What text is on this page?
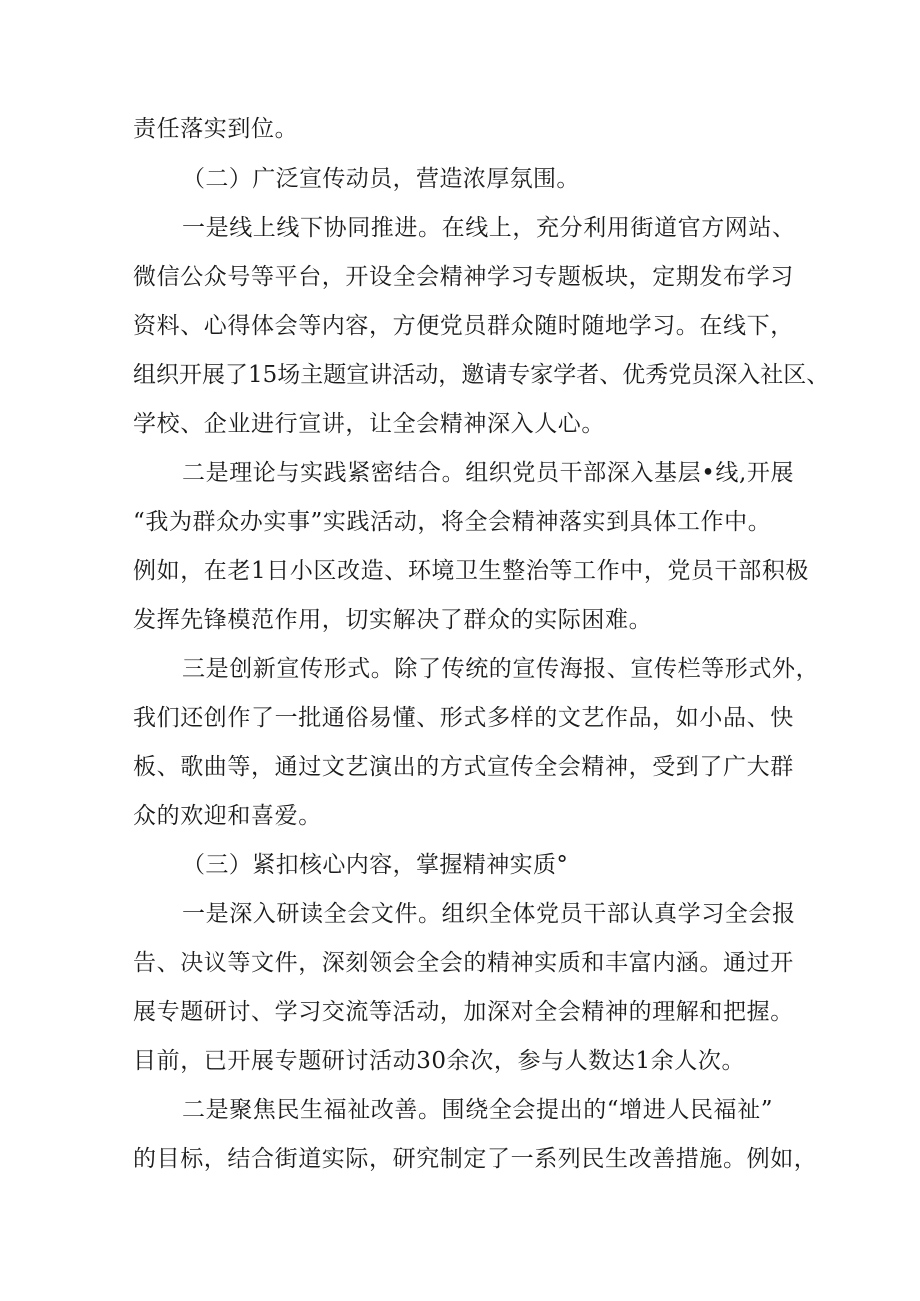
责任落实到位。
（二）广泛宣传动员，营造浓厚氛围。
一是线上线下协同推进。在线上，充分利用街道官方网站、
微信公众号等平台，开设全会精神学习专题板块，定期发布学习
资料、心得体会等内容，方便党员群众随时随地学习。在线下，
组织开展了15场主题宣讲活动，邀请专家学者、优秀党员深入社区、
学校、企业进行宣讲，让全会精神深入人心。
二是理论与实践紧密结合。组织党员干部深入基层•线,开展
“我为群众办实事”实践活动，将全会精神落实到具体工作中。
例如，在老1日小区改造、环境卫生整治等工作中，党员干部积极
发挥先锋模范作用，切实解决了群众的实际困难。
三是创新宣传形式。除了传统的宣传海报、宣传栏等形式外，
我们还创作了一批通俗易懂、形式多样的文艺作品，如小品、快
板、歌曲等，通过文艺演出的方式宣传全会精神，受到了广大群
众的欢迎和喜爱。
（三）紧扣核心内容，掌握精神实质°
一是深入研读全会文件。组织全体党员干部认真学习全会报
告、决议等文件，深刻领会全会的精神实质和丰富内涵。通过开
展专题研讨、学习交流等活动，加深对全会精神的理解和把握。
目前，已开展专题研讨活动30余次，参与人数达1余人次。
二是聚焦民生福祉改善。围绕全会提出的“增进人民福祉”
的目标，结合街道实际，研究制定了一系列民生改善措施。例如，
